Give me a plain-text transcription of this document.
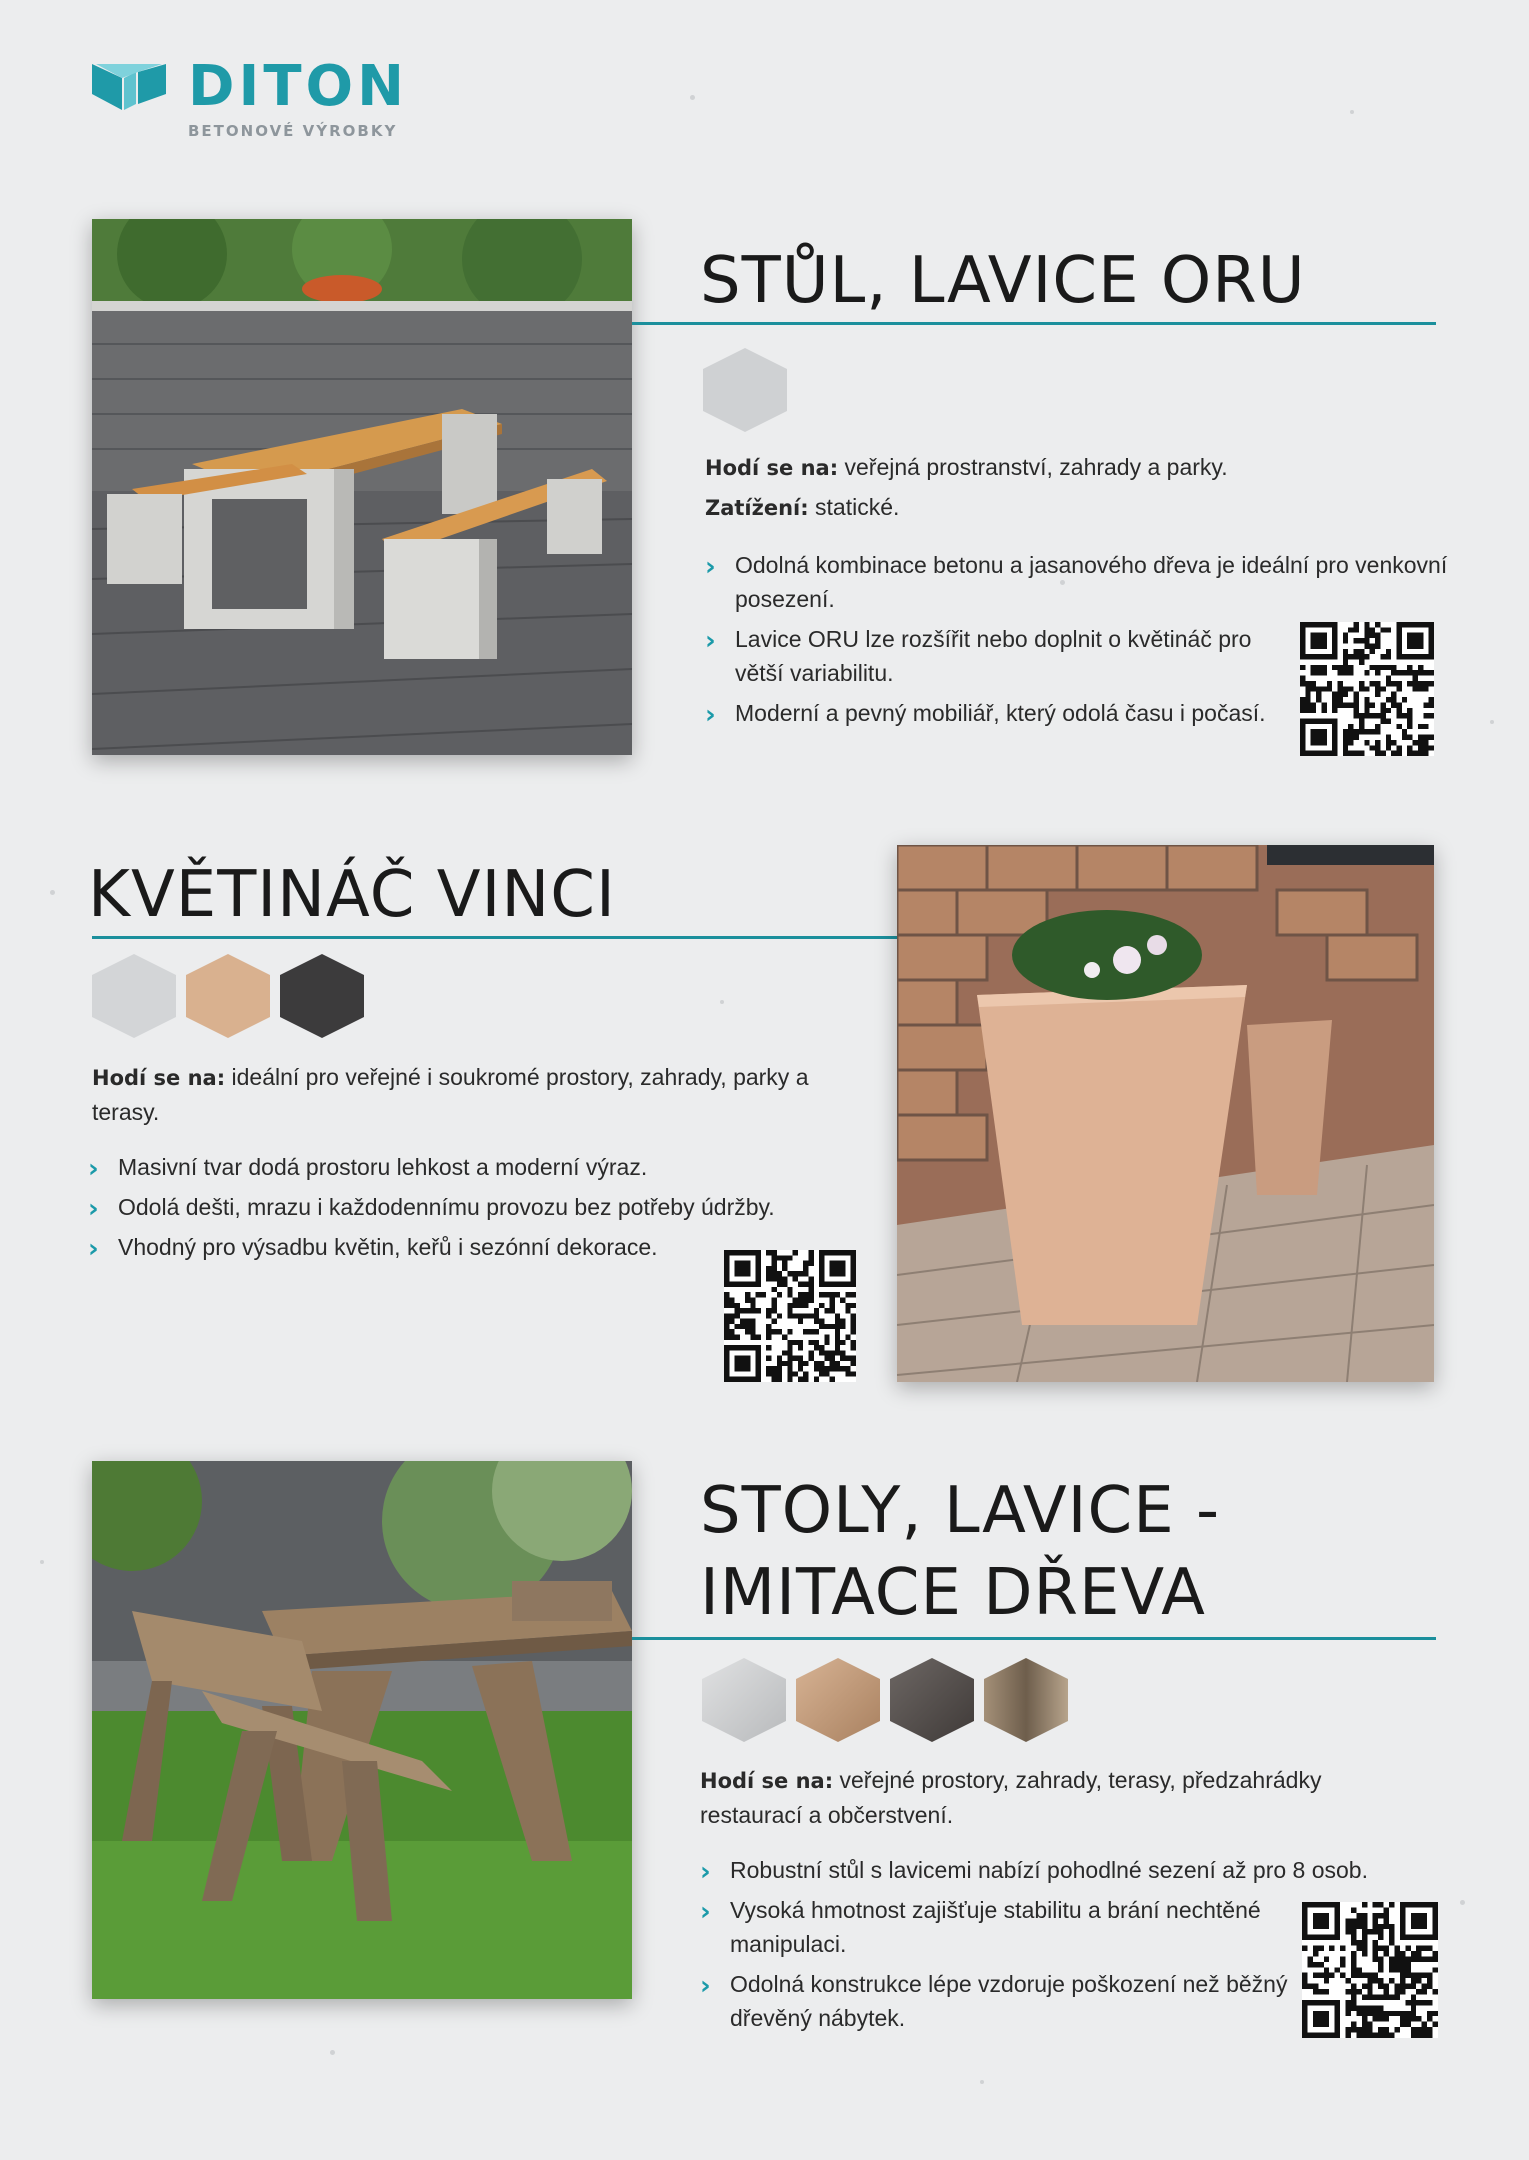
DITON
BETONOVÉ VÝROBKY
STŮL, LAVICE ORU

Hodí se na: veřejná prostranství, zahrady a parky.

Zatížení: statické.

› Odolná kombinace betonu a jasanového dřeva je ideální pro venkovní posezení.
› Lavice ORU lze rozšířit nebo doplnit o květináč pro větší variabilitu.
› Moderní a pevný mobiliář, který odolá času i počasí.
KVĚTINÁČ VINCI

Hodí se na: ideální pro veřejné i soukromé prostory, zahrady, parky a terasy.

› Masivní tvar dodá prostoru lehkost a moderní výraz.
› Odolá dešti, mrazu i každodennímu provozu bez potřeby údržby.
› Vhodný pro výsadbu květin, keřů i sezónní dekorace.
STOLY, LAVICE -
IMITACE DŘEVA

Hodí se na: veřejné prostory, zahrady, terasy, předzahrádky restaurací a občerstvení.

› Robustní stůl s lavicemi nabízí pohodlné sezení až pro 8 osob.
› Vysoká hmotnost zajišťuje stabilitu a brání nechtěné manipulaci.
› Odolná konstrukce lépe vzdoruje poškození než běžný dřevěný nábytek.
